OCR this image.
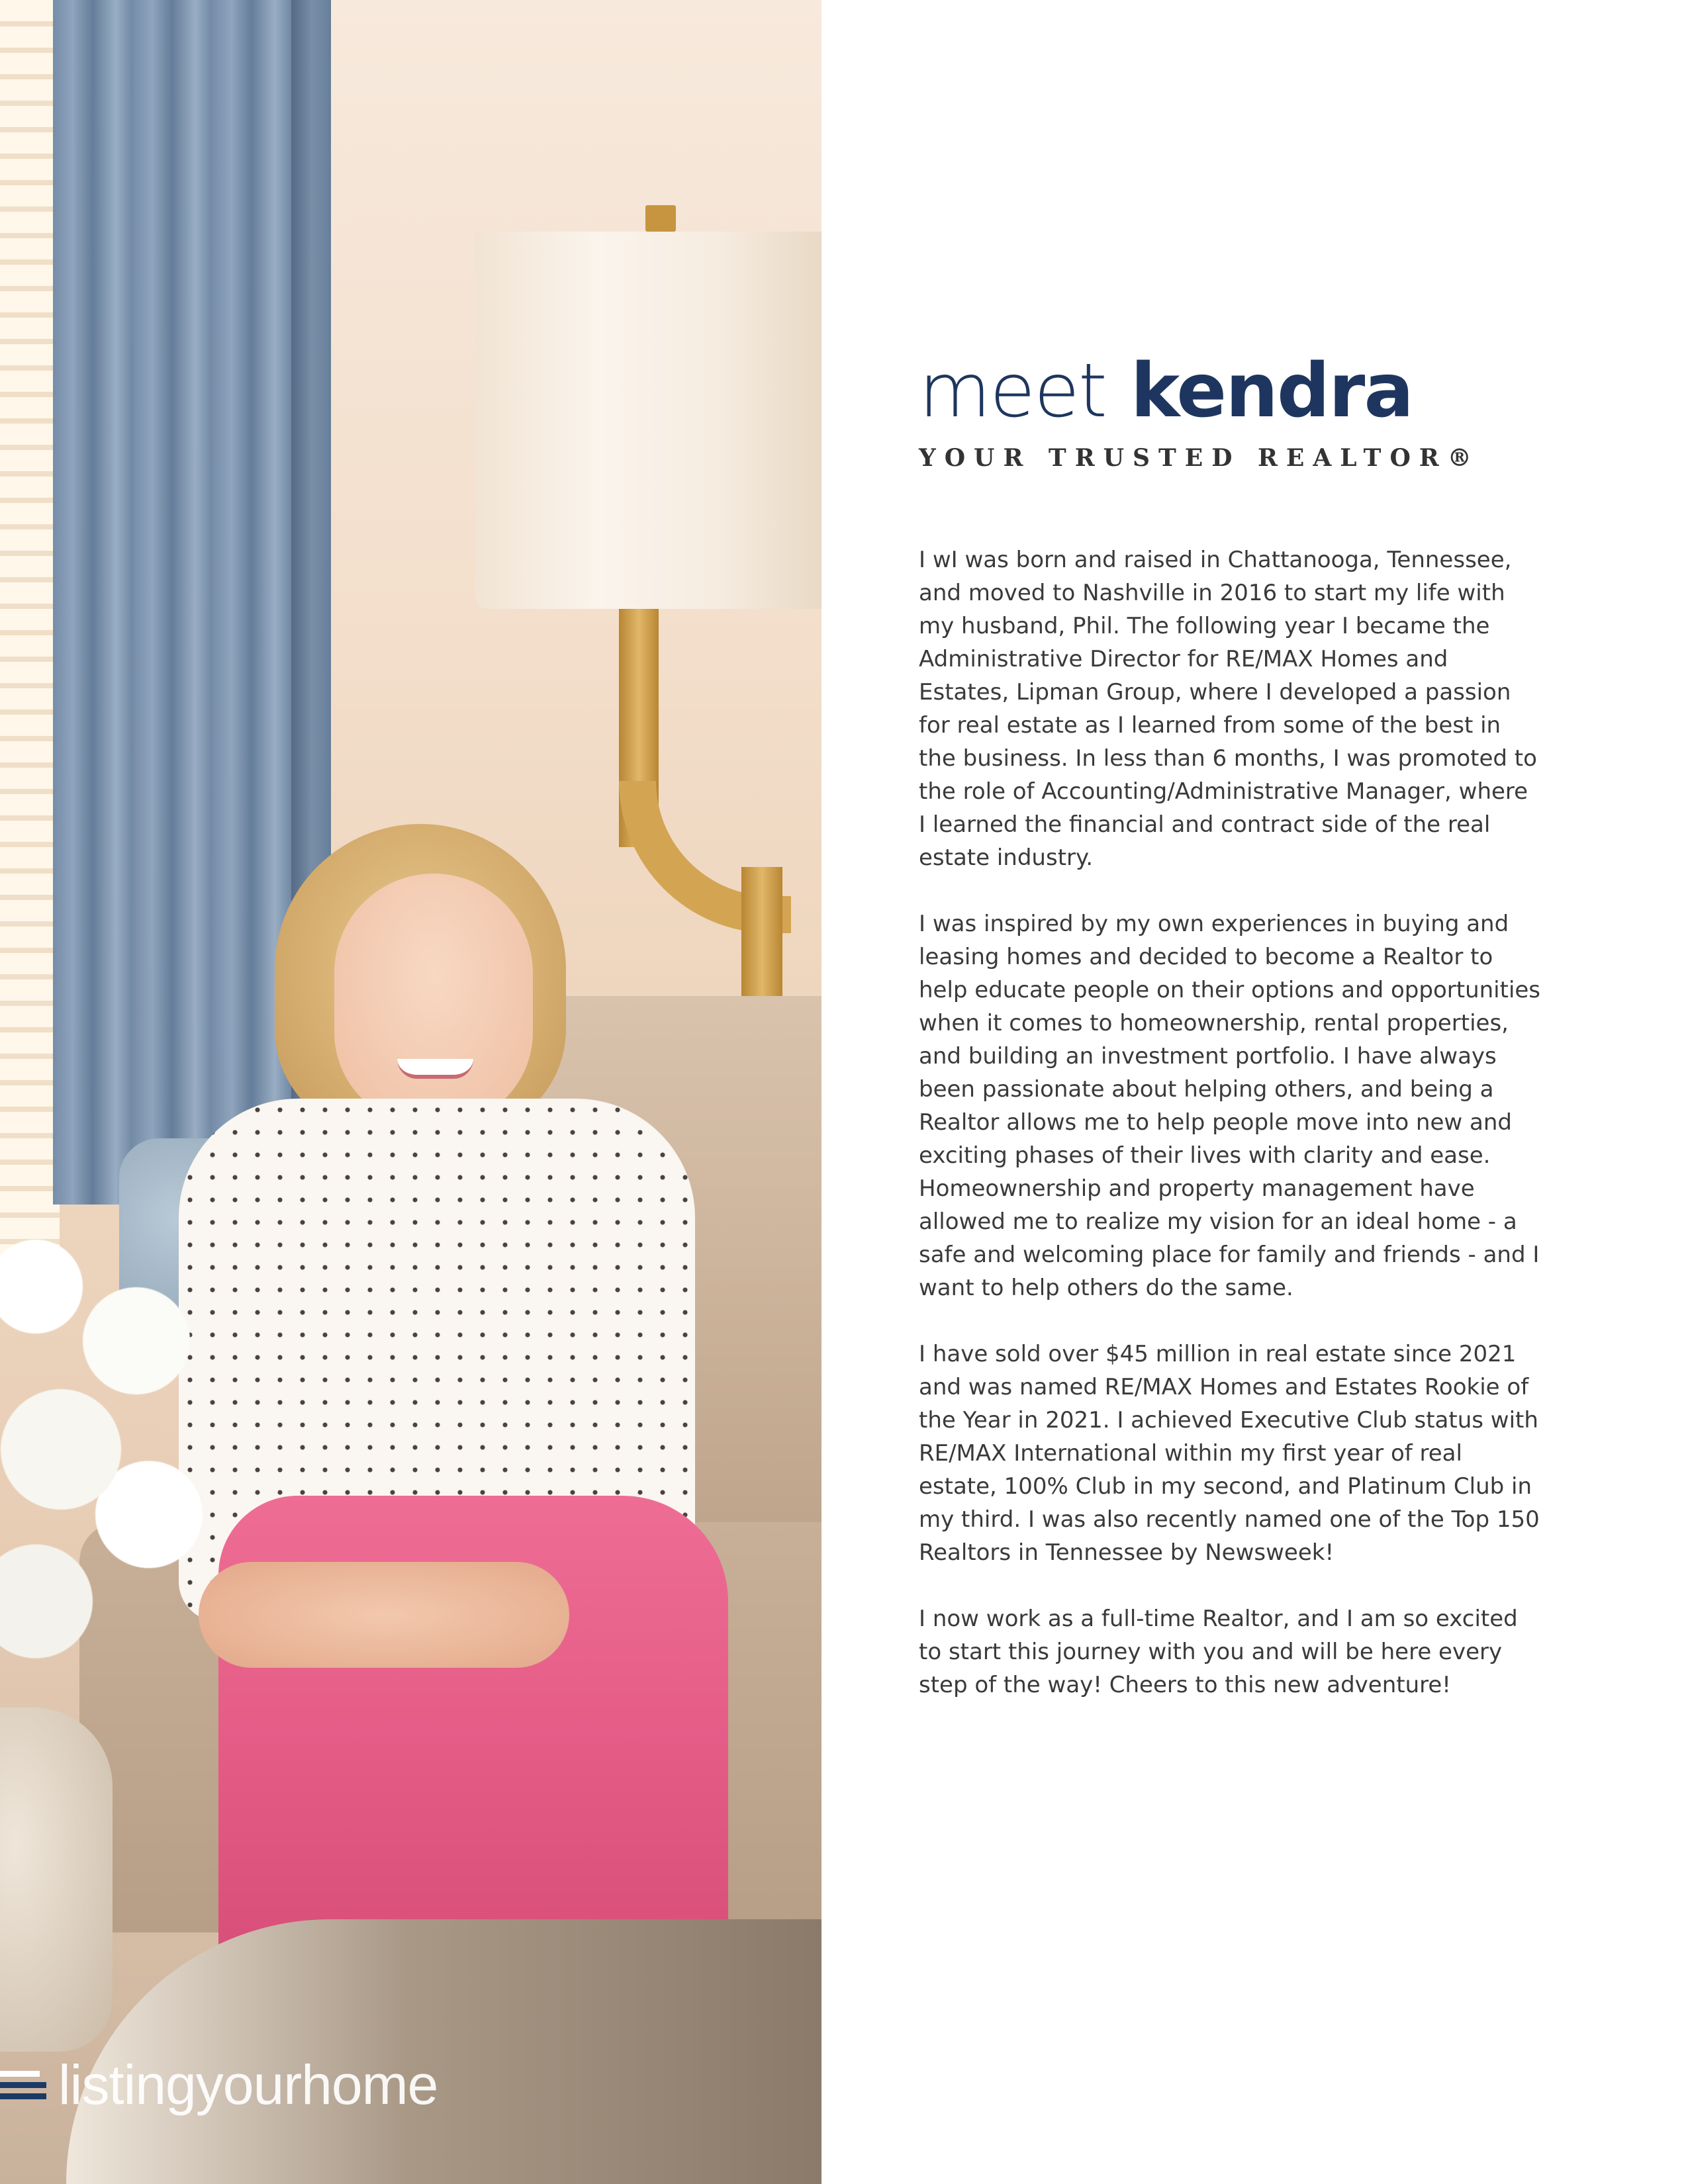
listingyourhome
meet kendra
YOUR TRUSTED REALTOR®

I wI was born and raised in Chattanooga, Tennessee, and moved to Nashville in 2016 to start my life with my husband, Phil. The following year I became the Administrative Director for RE/MAX Homes and Estates, Lipman Group, where I developed a passion for real estate as I learned from some of the best in the business. In less than 6 months, I was promoted to the role of Accounting/Administrative Manager, where I learned the financial and contract side of the real estate industry.

I was inspired by my own experiences in buying and leasing homes and decided to become a Realtor to help educate people on their options and opportunities when it comes to homeownership, rental properties, and building an investment portfolio. I have always been passionate about helping others, and being a Realtor allows me to help people move into new and exciting phases of their lives with clarity and ease. Homeownership and property management have allowed me to realize my vision for an ideal home - a safe and welcoming place for family and friends - and I want to help others do the same.

I have sold over $45 million in real estate since 2021 and was named RE/MAX Homes and Estates Rookie of the Year in 2021. I achieved Executive Club status with RE/MAX International within my first year of real estate, 100% Club in my second, and Platinum Club in my third. I was also recently named one of the Top 150 Realtors in Tennessee by Newsweek!

I now work as a full-time Realtor, and I am so excited to start this journey with you and will be here every step of the way! Cheers to this new adventure!
